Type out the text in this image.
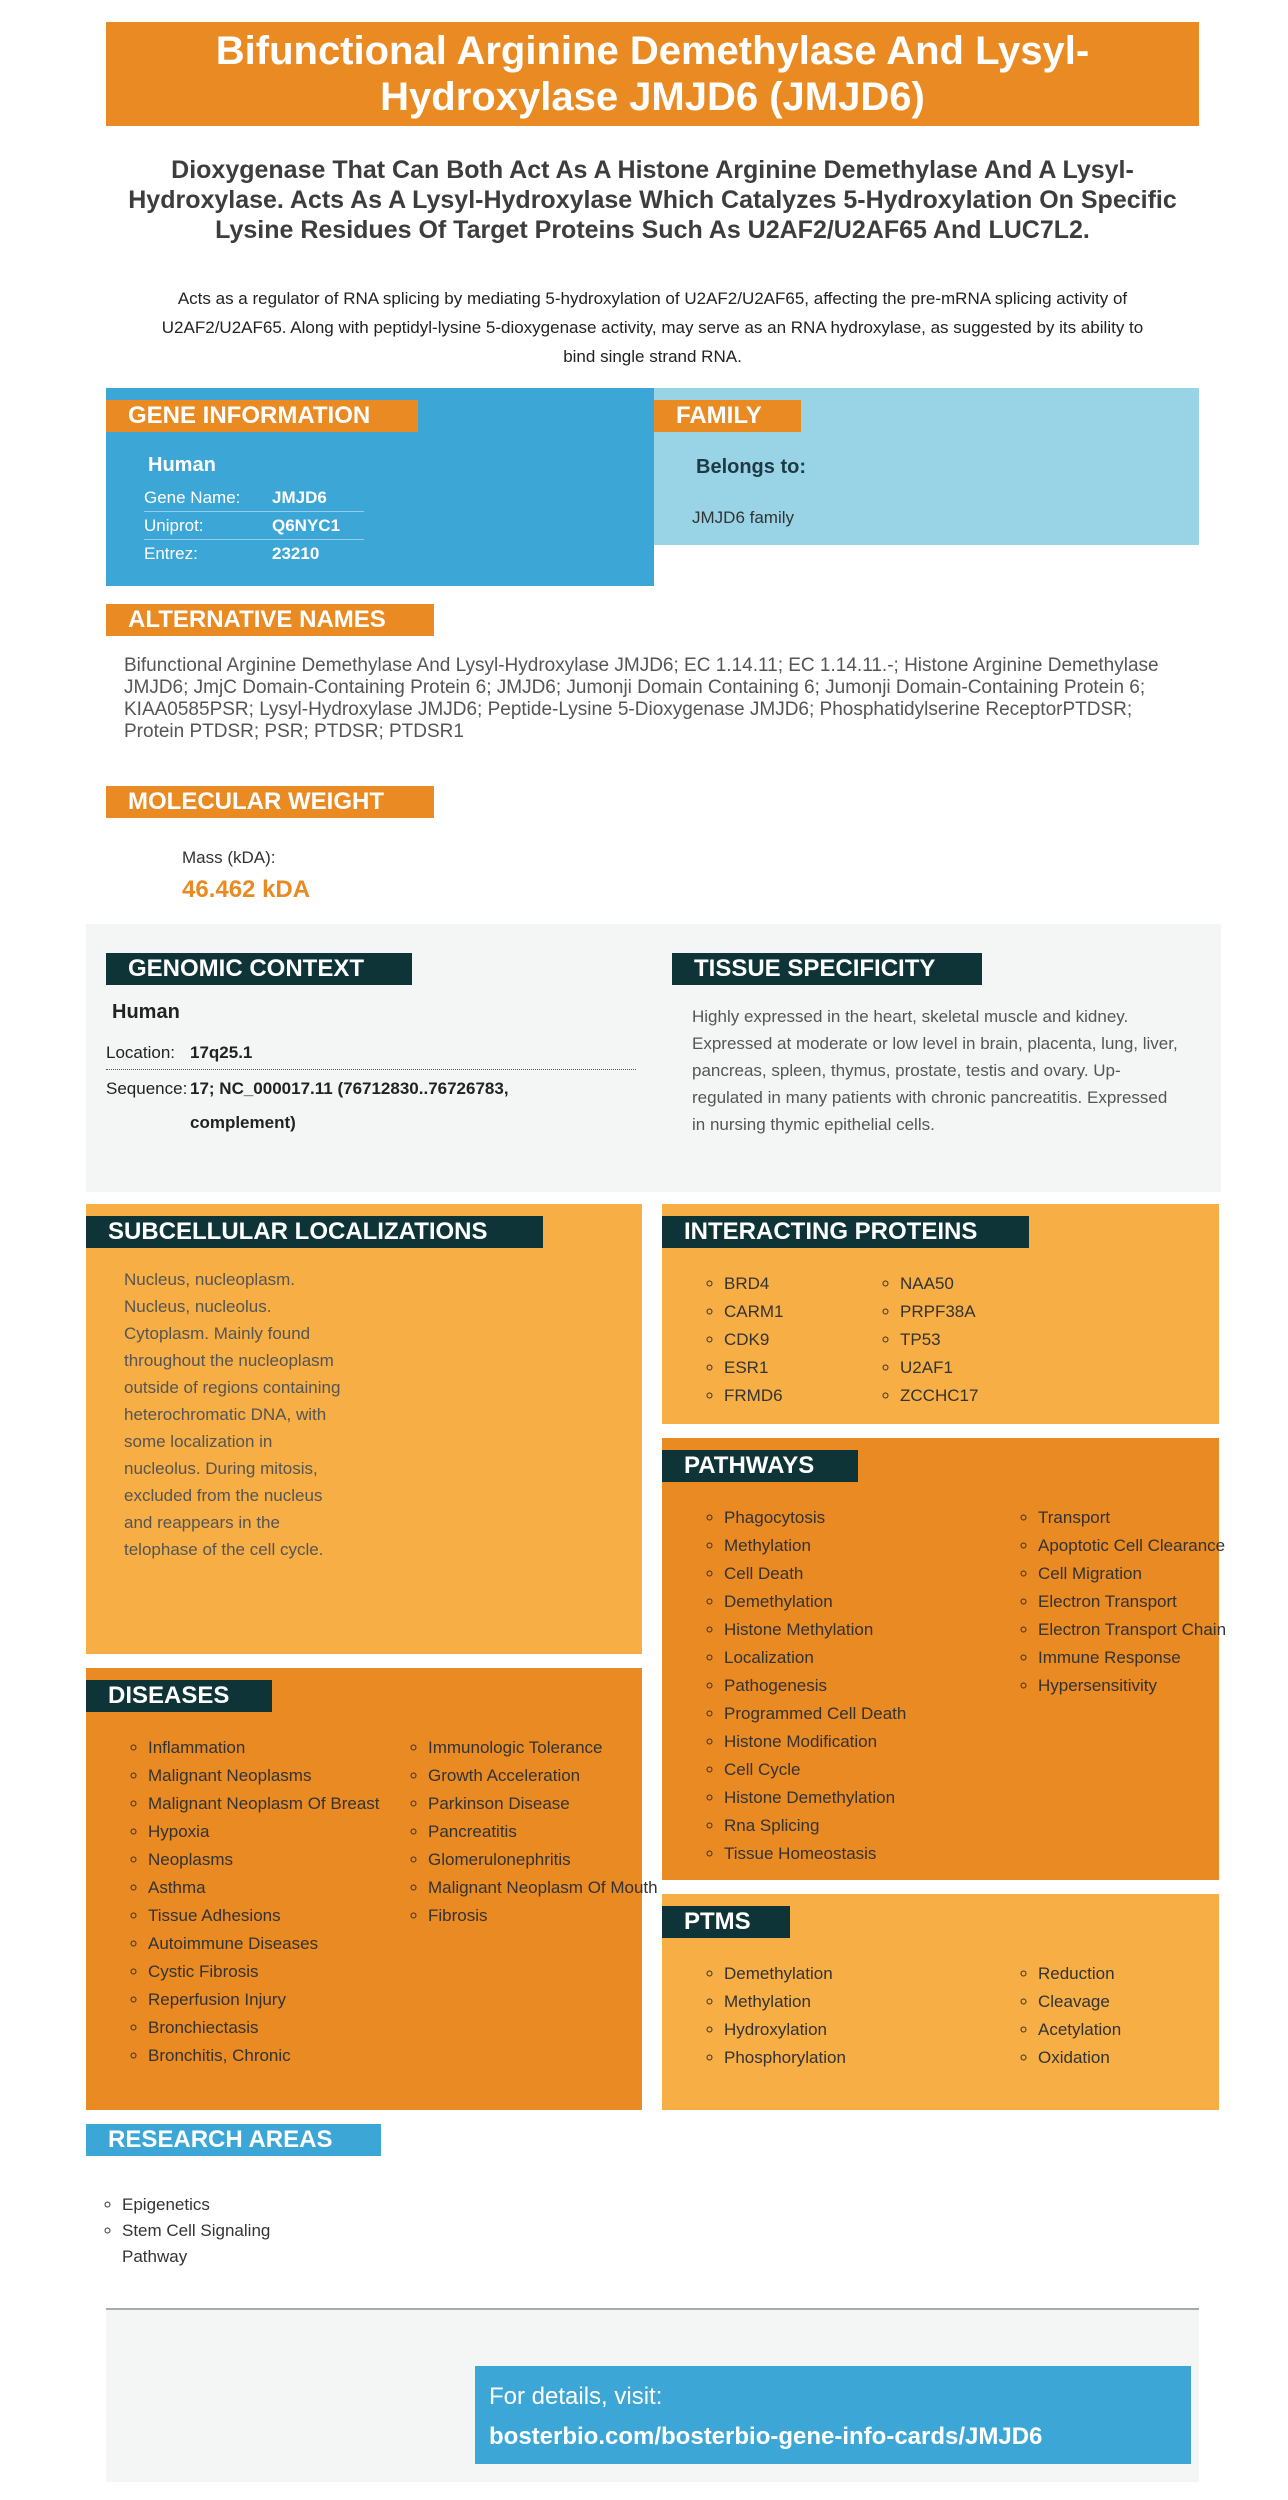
Bifunctional Arginine Demethylase And Lysyl-Hydroxylase JMJD6 (JMJD6)
Dioxygenase That Can Both Act As A Histone Arginine Demethylase And A Lysyl-Hydroxylase. Acts As A Lysyl-Hydroxylase Which Catalyzes 5-Hydroxylation On Specific Lysine Residues Of Target Proteins Such As U2AF2/U2AF65 And LUC7L2.
Acts as a regulator of RNA splicing by mediating 5-hydroxylation of U2AF2/U2AF65, affecting the pre-mRNA splicing activity of U2AF2/U2AF65. Along with peptidyl-lysine 5-dioxygenase activity, may serve as an RNA hydroxylase, as suggested by its ability to bind single strand RNA.
GENE INFORMATION
Human
Gene Name:	JMJD6
Uniprot:	Q6NYC1
Entrez:	23210
FAMILY
Belongs to:
JMJD6 family
ALTERNATIVE NAMES
Bifunctional Arginine Demethylase And Lysyl-Hydroxylase JMJD6; EC 1.14.11; EC 1.14.11.-; Histone Arginine Demethylase JMJD6; JmjC Domain-Containing Protein 6; JMJD6; Jumonji Domain Containing 6; Jumonji Domain-Containing Protein 6; KIAA0585PSR; Lysyl-Hydroxylase JMJD6; Peptide-Lysine 5-Dioxygenase JMJD6; Phosphatidylserine ReceptorPTDSR; Protein PTDSR; PSR; PTDSR; PTDSR1
MOLECULAR WEIGHT
Mass (kDA):
46.462 kDA
GENOMIC CONTEXT
Human
Location: 17q25.1
Sequence: 17; NC_000017.11 (76712830..76726783,
complement)
TISSUE SPECIFICITY
Highly expressed in the heart, skeletal muscle and kidney. Expressed at moderate or low level in brain, placenta, lung, liver, pancreas, spleen, thymus, prostate, testis and ovary. Up-regulated in many patients with chronic pancreatitis. Expressed in nursing thymic epithelial cells.
SUBCELLULAR LOCALIZATIONS
Nucleus, nucleoplasm. Nucleus, nucleolus. Cytoplasm. Mainly found throughout the nucleoplasm outside of regions containing heterochromatic DNA, with some localization in nucleolus. During mitosis, excluded from the nucleus and reappears in the telophase of the cell cycle.
DISEASES
◦ Inflammation
◦ Malignant Neoplasms
◦ Malignant Neoplasm Of Breast
◦ Hypoxia
◦ Neoplasms
◦ Asthma
◦ Tissue Adhesions
◦ Autoimmune Diseases
◦ Cystic Fibrosis
◦ Reperfusion Injury
◦ Bronchiectasis
◦ Bronchitis, Chronic
◦ Immunologic Tolerance
◦ Growth Acceleration
◦ Parkinson Disease
◦ Pancreatitis
◦ Glomerulonephritis
◦ Malignant Neoplasm Of Mouth
◦ Fibrosis
INTERACTING PROTEINS
◦ BRD4
◦ CARM1
◦ CDK9
◦ ESR1
◦ FRMD6
◦ NAA50
◦ PRPF38A
◦ TP53
◦ U2AF1
◦ ZCCHC17
PATHWAYS
◦ Phagocytosis
◦ Methylation
◦ Cell Death
◦ Demethylation
◦ Histone Methylation
◦ Localization
◦ Pathogenesis
◦ Programmed Cell Death
◦ Histone Modification
◦ Cell Cycle
◦ Histone Demethylation
◦ Rna Splicing
◦ Tissue Homeostasis
◦ Transport
◦ Apoptotic Cell Clearance
◦ Cell Migration
◦ Electron Transport
◦ Electron Transport Chain
◦ Immune Response
◦ Hypersensitivity
PTMS
◦ Demethylation
◦ Methylation
◦ Hydroxylation
◦ Phosphorylation
◦ Reduction
◦ Cleavage
◦ Acetylation
◦ Oxidation
RESEARCH AREAS
◦ Epigenetics
◦ Stem Cell Signaling Pathway
For details, visit:
bosterbio.com/bosterbio-gene-info-cards/JMJD6
